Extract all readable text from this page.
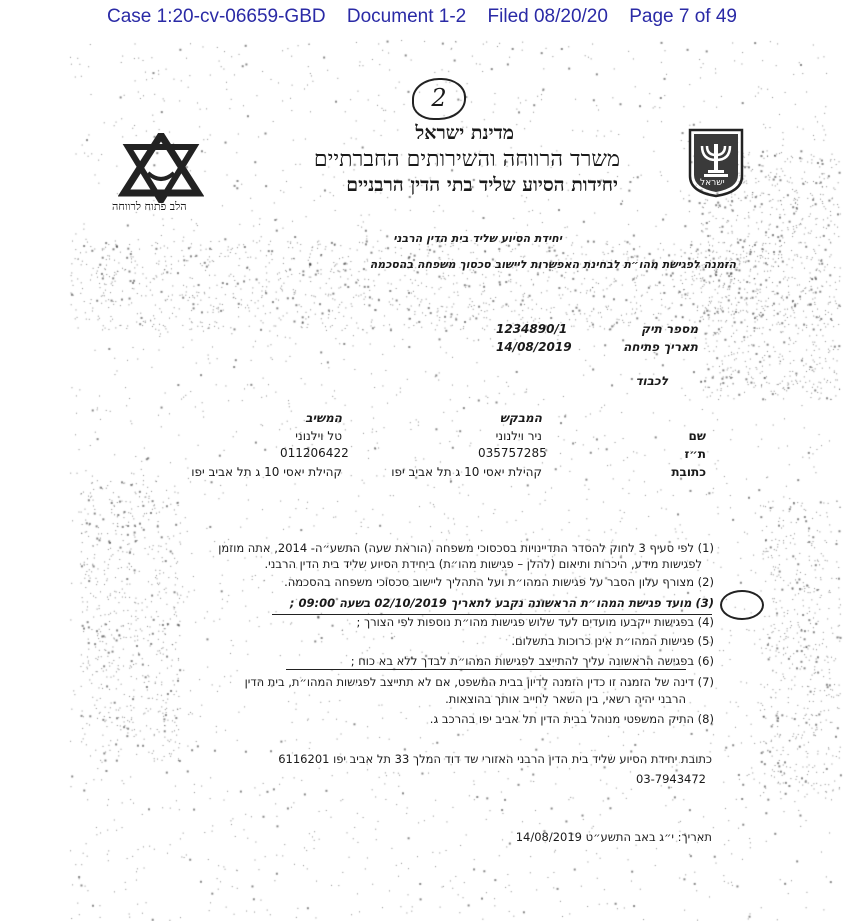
Case 1:20-cv-06659-GBD Document 1-2 Filed 08/20/20 Page 7 of 49
2
ישראל
הלב פתוח לרווחה
מדינת ישראל
משרד הרווחה והשירותים החברתיים
יחידות הסיוע שליד בתי הדין הרבניים
יחידת הסיוע שליד בית הדין הרבני
הזמנה לפגישת מהו״ת לבחינת האפשרות ליישוב סכסוך משפחה בהסכמה
מספר תיק
1234890/1
תאריך פתיחה
14/08/2019
לכבוד
המבקש
המשיב
שם
ת״ז
כתובת
ניר וילנוני
035757285
קהילת יאסי 10 ג תל אביב יפו
טל וילנוני
011206422
קהילת יאסי 10 ג תל אביב יפו
(1) לפי סעיף 3 לחוק להסדר התדיינויות בסכסוכי משפחה (הוראת שעה) התשע״ה- 2014, אתה מוזמן
לפגישות מידע, היכרות ותיאום (להלן – פגישות מהו״ת) ביחידת הסיוע שליד בית הדין הרבני.
(2) מצורף עלון הסבר על פגישות המהו״ת ועל התהליך ליישוב סכסוכי משפחה בהסכמה.
(3) מועד פגישת המהו״ת הראשונה נקבע לתאריך 02/10/2019 בשעה 09:00 ;
(4) בפגישות ייקבעו מועדים לעד שלוש פגישות מהו״ת נוספות לפי הצורך ;
(5) פגישות המהו״ת אינן כרוכות בתשלום.
(6) בפגישה הראשונה עליך להתייצב לפגישות המהו״ת לבדך ללא בא כוח ;
(7) דינה של הזמנה זו כדין הזמנה לדיון בבית המשפט, אם לא תתייצב לפגישות המהו״ת, בית הדין
הרבני יהיה רשאי, בין השאר לחייב אותך בהוצאות.
(8) התיק המשפטי מנוהל בבית הדין תל אביב יפו בהרכב ג.
כתובת יחידת הסיוע שליד בית הדין הרבני האזורי שד דוד המלך 33 תל אביב יפו 6116201
03-7943472
תאריך: י״ג באב התשע״ט 14/08/2019
